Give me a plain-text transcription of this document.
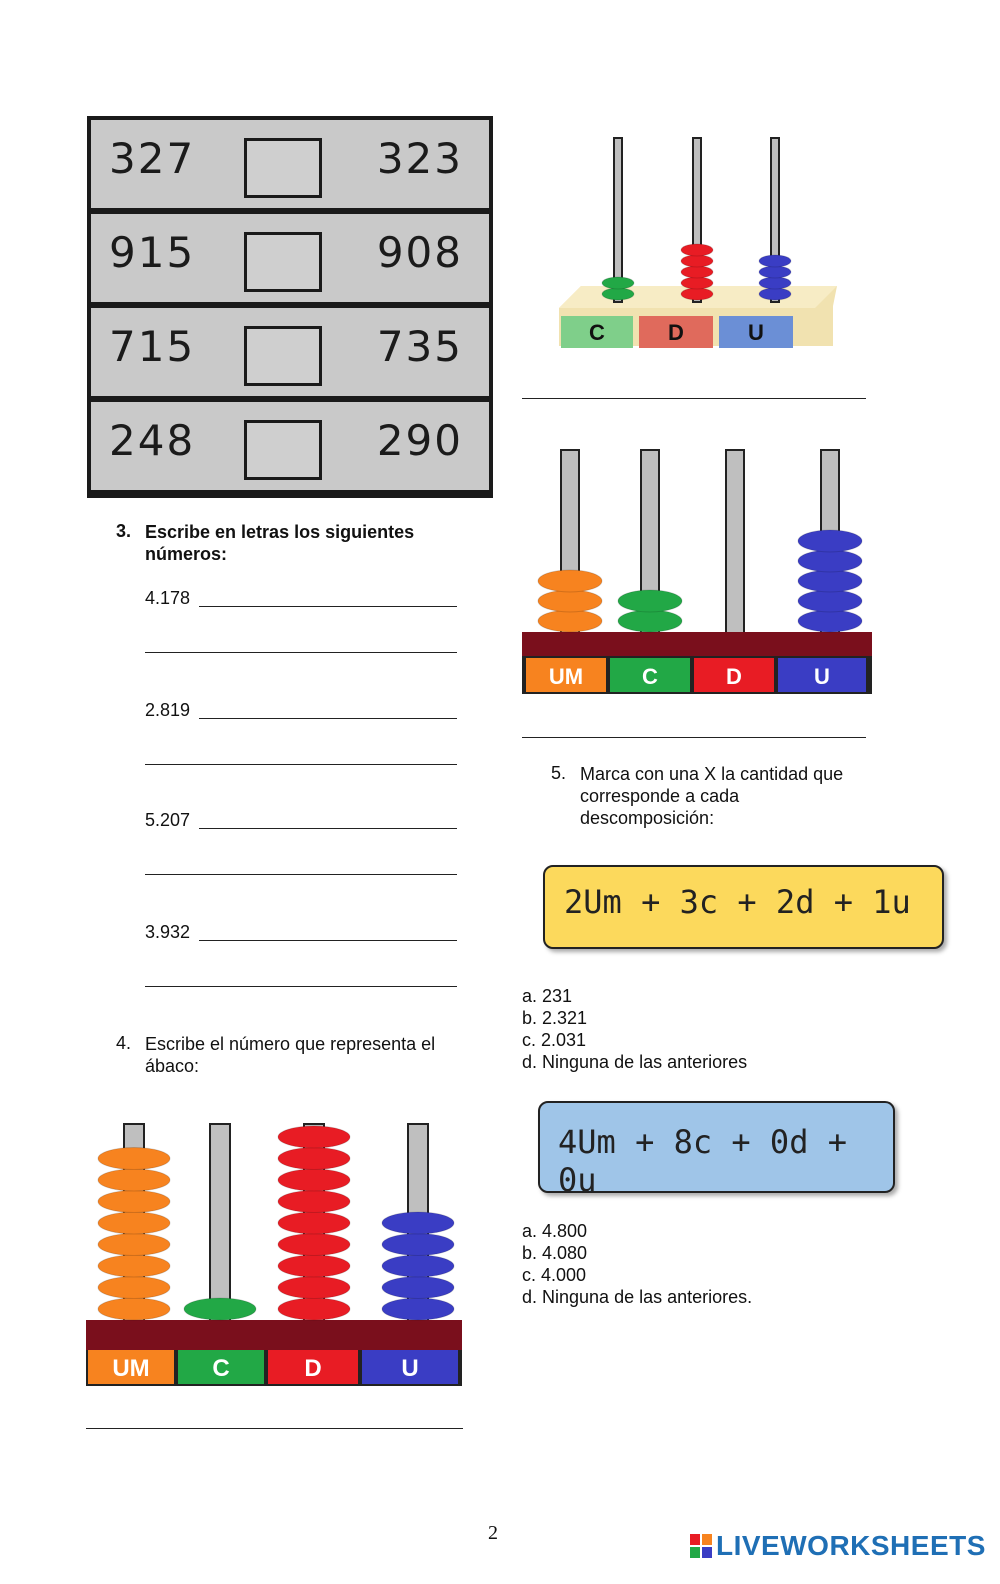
327	323
915	908
715	735
248	290
3. Escribe en letras los siguientes
números:
4.178
2.819
5.207
3.932
4. Escribe el número que representa el
ábaco:
UM	C	D	U
C	D	U
UM	C	D	U
5. Marca con una X la cantidad que
corresponde a cada
descomposición:
2Um + 3c + 2d + 1u
a. 231
b. 2.321
c. 2.031
d. Ninguna de las anteriores
4Um + 8c + 0d + 0u
a. 4.800
b. 4.080
c. 4.000
d. Ninguna de las anteriores.
2	LIVEWORKSHEETS
